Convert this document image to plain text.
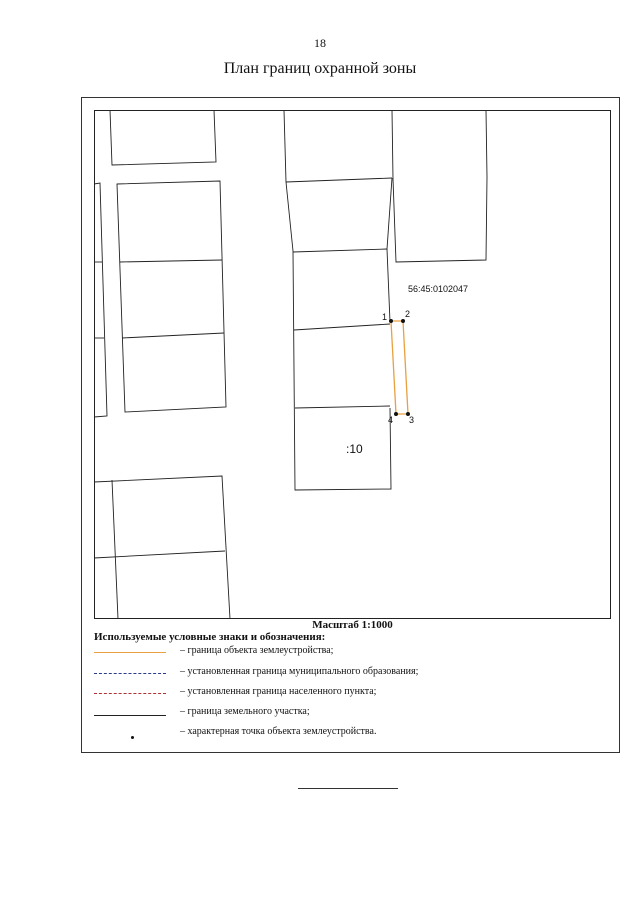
18
План границ охранной зоны
1 2
3
4
56:45:0102047
:10
Масштаб 1:1000
Используемые условные знаки и обозначения:
– граница объекта землеустройства;
– установленная граница муниципального образования;
– установленная граница населенного пункта;
– граница земельного участка;
– характерная точка объекта землеустройства.
